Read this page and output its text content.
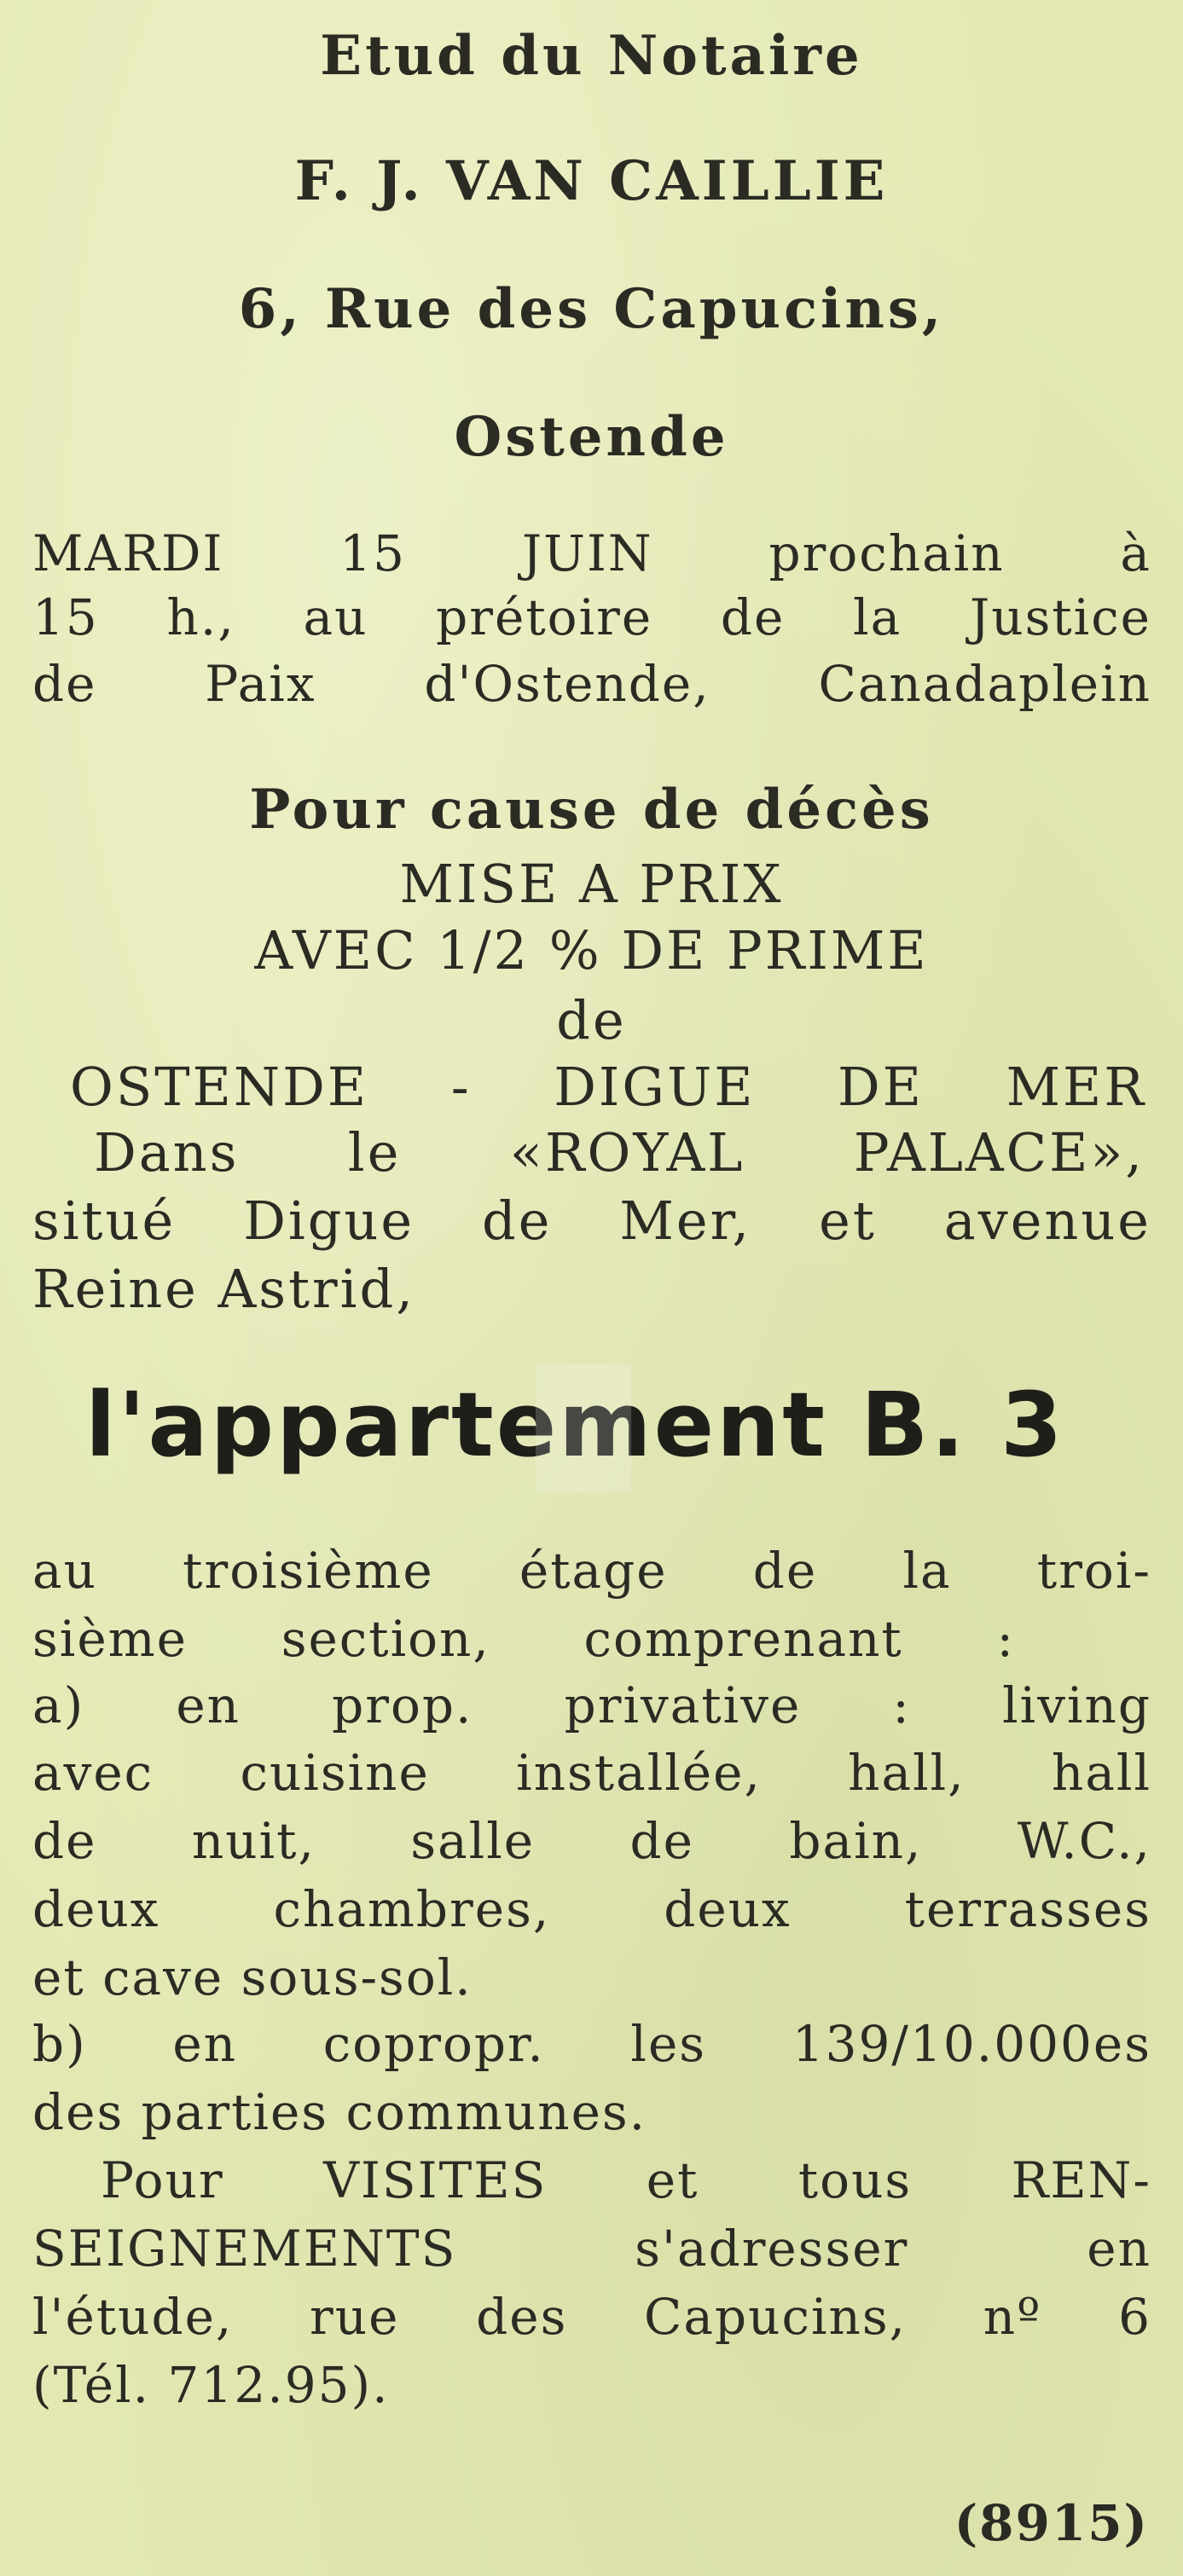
Etud du Notaire
F. J. VAN CAILLIE
6, Rue des Capucins,
Ostende
MARDI 15 JUIN prochain à
15 h., au prétoire de la Justice
de Paix d'Ostende, Canadaplein
Pour cause de décès
MISE A PRIX
AVEC 1/2 % DE PRIME
de
OSTENDE - DIGUE DE MER
Dans le «ROYAL PALACE»,
situé Digue de Mer, et avenue
Reine Astrid,
l'appartement B. 3
au troisième étage de la troi-
sième section, comprenant :
a) en prop. privative : living
avec cuisine installée, hall, hall
de nuit, salle de bain, W.C.,
deux chambres, deux terrasses
et cave sous-sol.
b) en copropr. les 139/10.000es
des parties communes.
Pour VISITES et tous REN-
SEIGNEMENTS s'adresser en
l'étude, rue des Capucins, nº 6
(Tél. 712.95).
(8915)
